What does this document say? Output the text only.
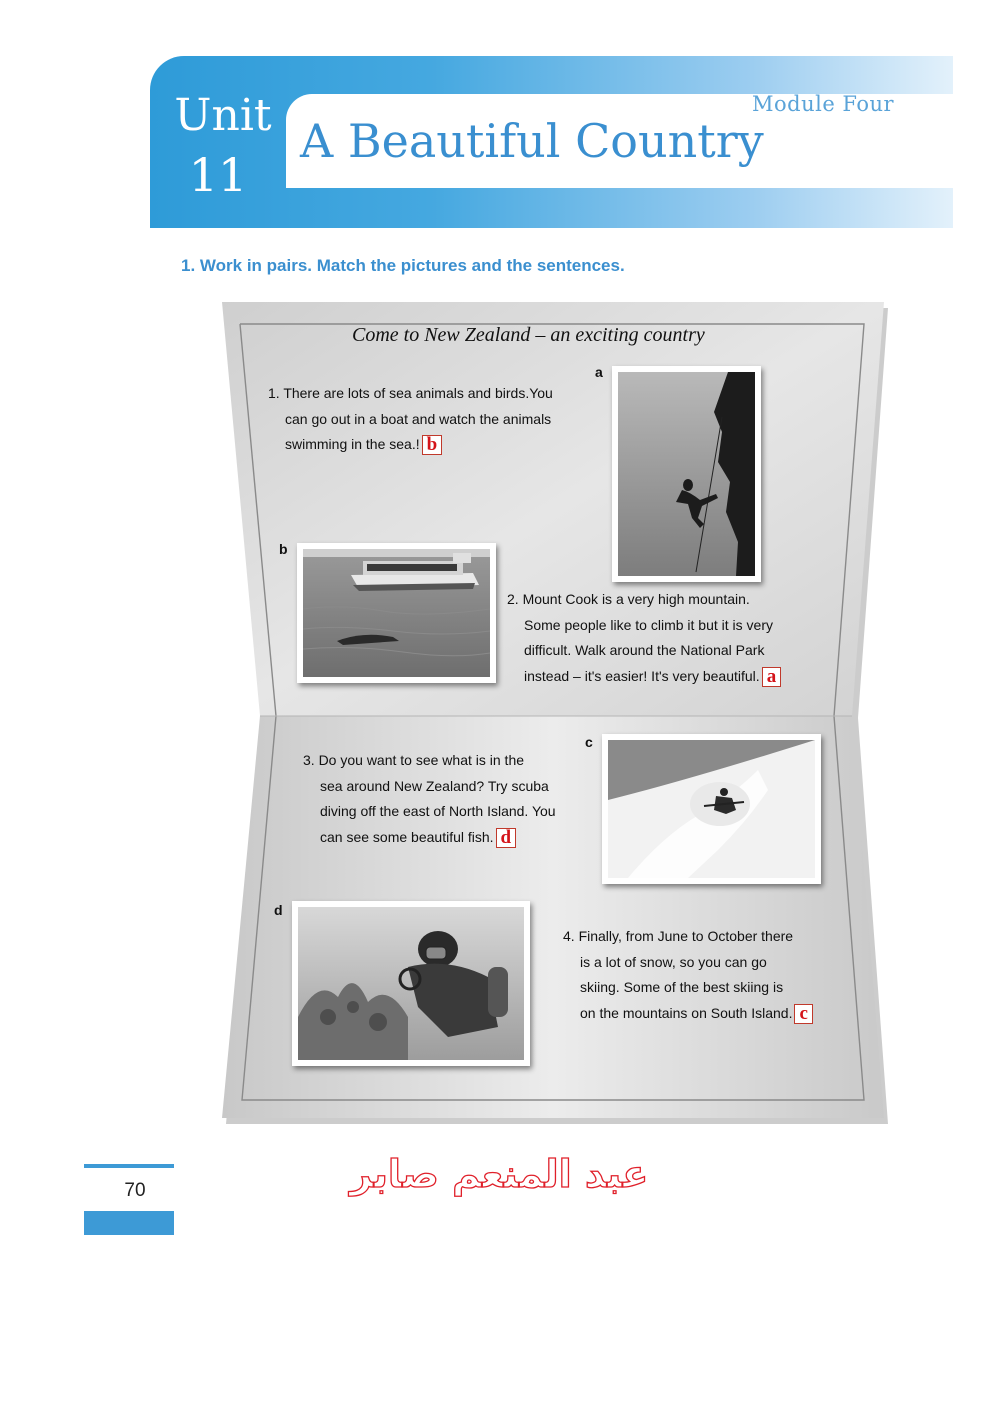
Unit
11
Module Four
A Beautiful Country
1. Work in pairs. Match the pictures and the sentences.
Come to New Zealand – an exciting country
1. There are lots of sea animals and birds.You
can go out in a boat and watch the animals
swimming in the sea.! b
2. Mount Cook is a very high mountain.
Some people like to climb it but it is very
difficult. Walk around the National Park
instead – it's easier! It's very beautiful. a
3. Do you want to see what is in the
sea around New Zealand? Try scuba
diving off the east of North Island. You
can see some beautiful fish. d
4. Finally, from June to October there
is a lot of snow, so you can go
skiing. Some of the best skiing is
on the mountains on South Island. c
a
b
c
d
70	عبد المنعم صابر
